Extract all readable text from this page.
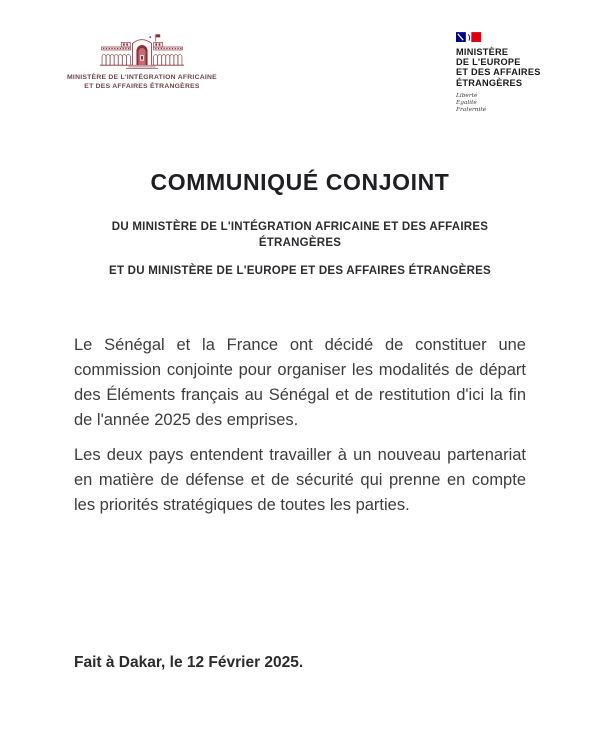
MINISTÈRE DE L'INTÉGRATION AFRICAINE
ET DES AFFAIRES ÉTRANGÈRES
MINISTÈRE
DE L'EUROPE
ET DES AFFAIRES
ÉTRANGÈRES
Liberté
Égalité
Fraternité
COMMUNIQUÉ CONJOINT

DU MINISTÈRE DE L'INTÉGRATION AFRICAINE ET DES AFFAIRES ÉTRANGÈRES

ET DU MINISTÈRE DE L'EUROPE ET DES AFFAIRES ÉTRANGÈRES

Le Sénégal et la France ont décidé de constituer une commission conjointe pour organiser les modalités de départ des Éléments français au Sénégal et de restitution d'ici la fin de l'année 2025 des emprises.

Les deux pays entendent travailler à un nouveau partenariat en matière de défense et de sécurité qui prenne en compte les priorités stratégiques de toutes les parties.

Fait à Dakar, le 12 Février 2025.
